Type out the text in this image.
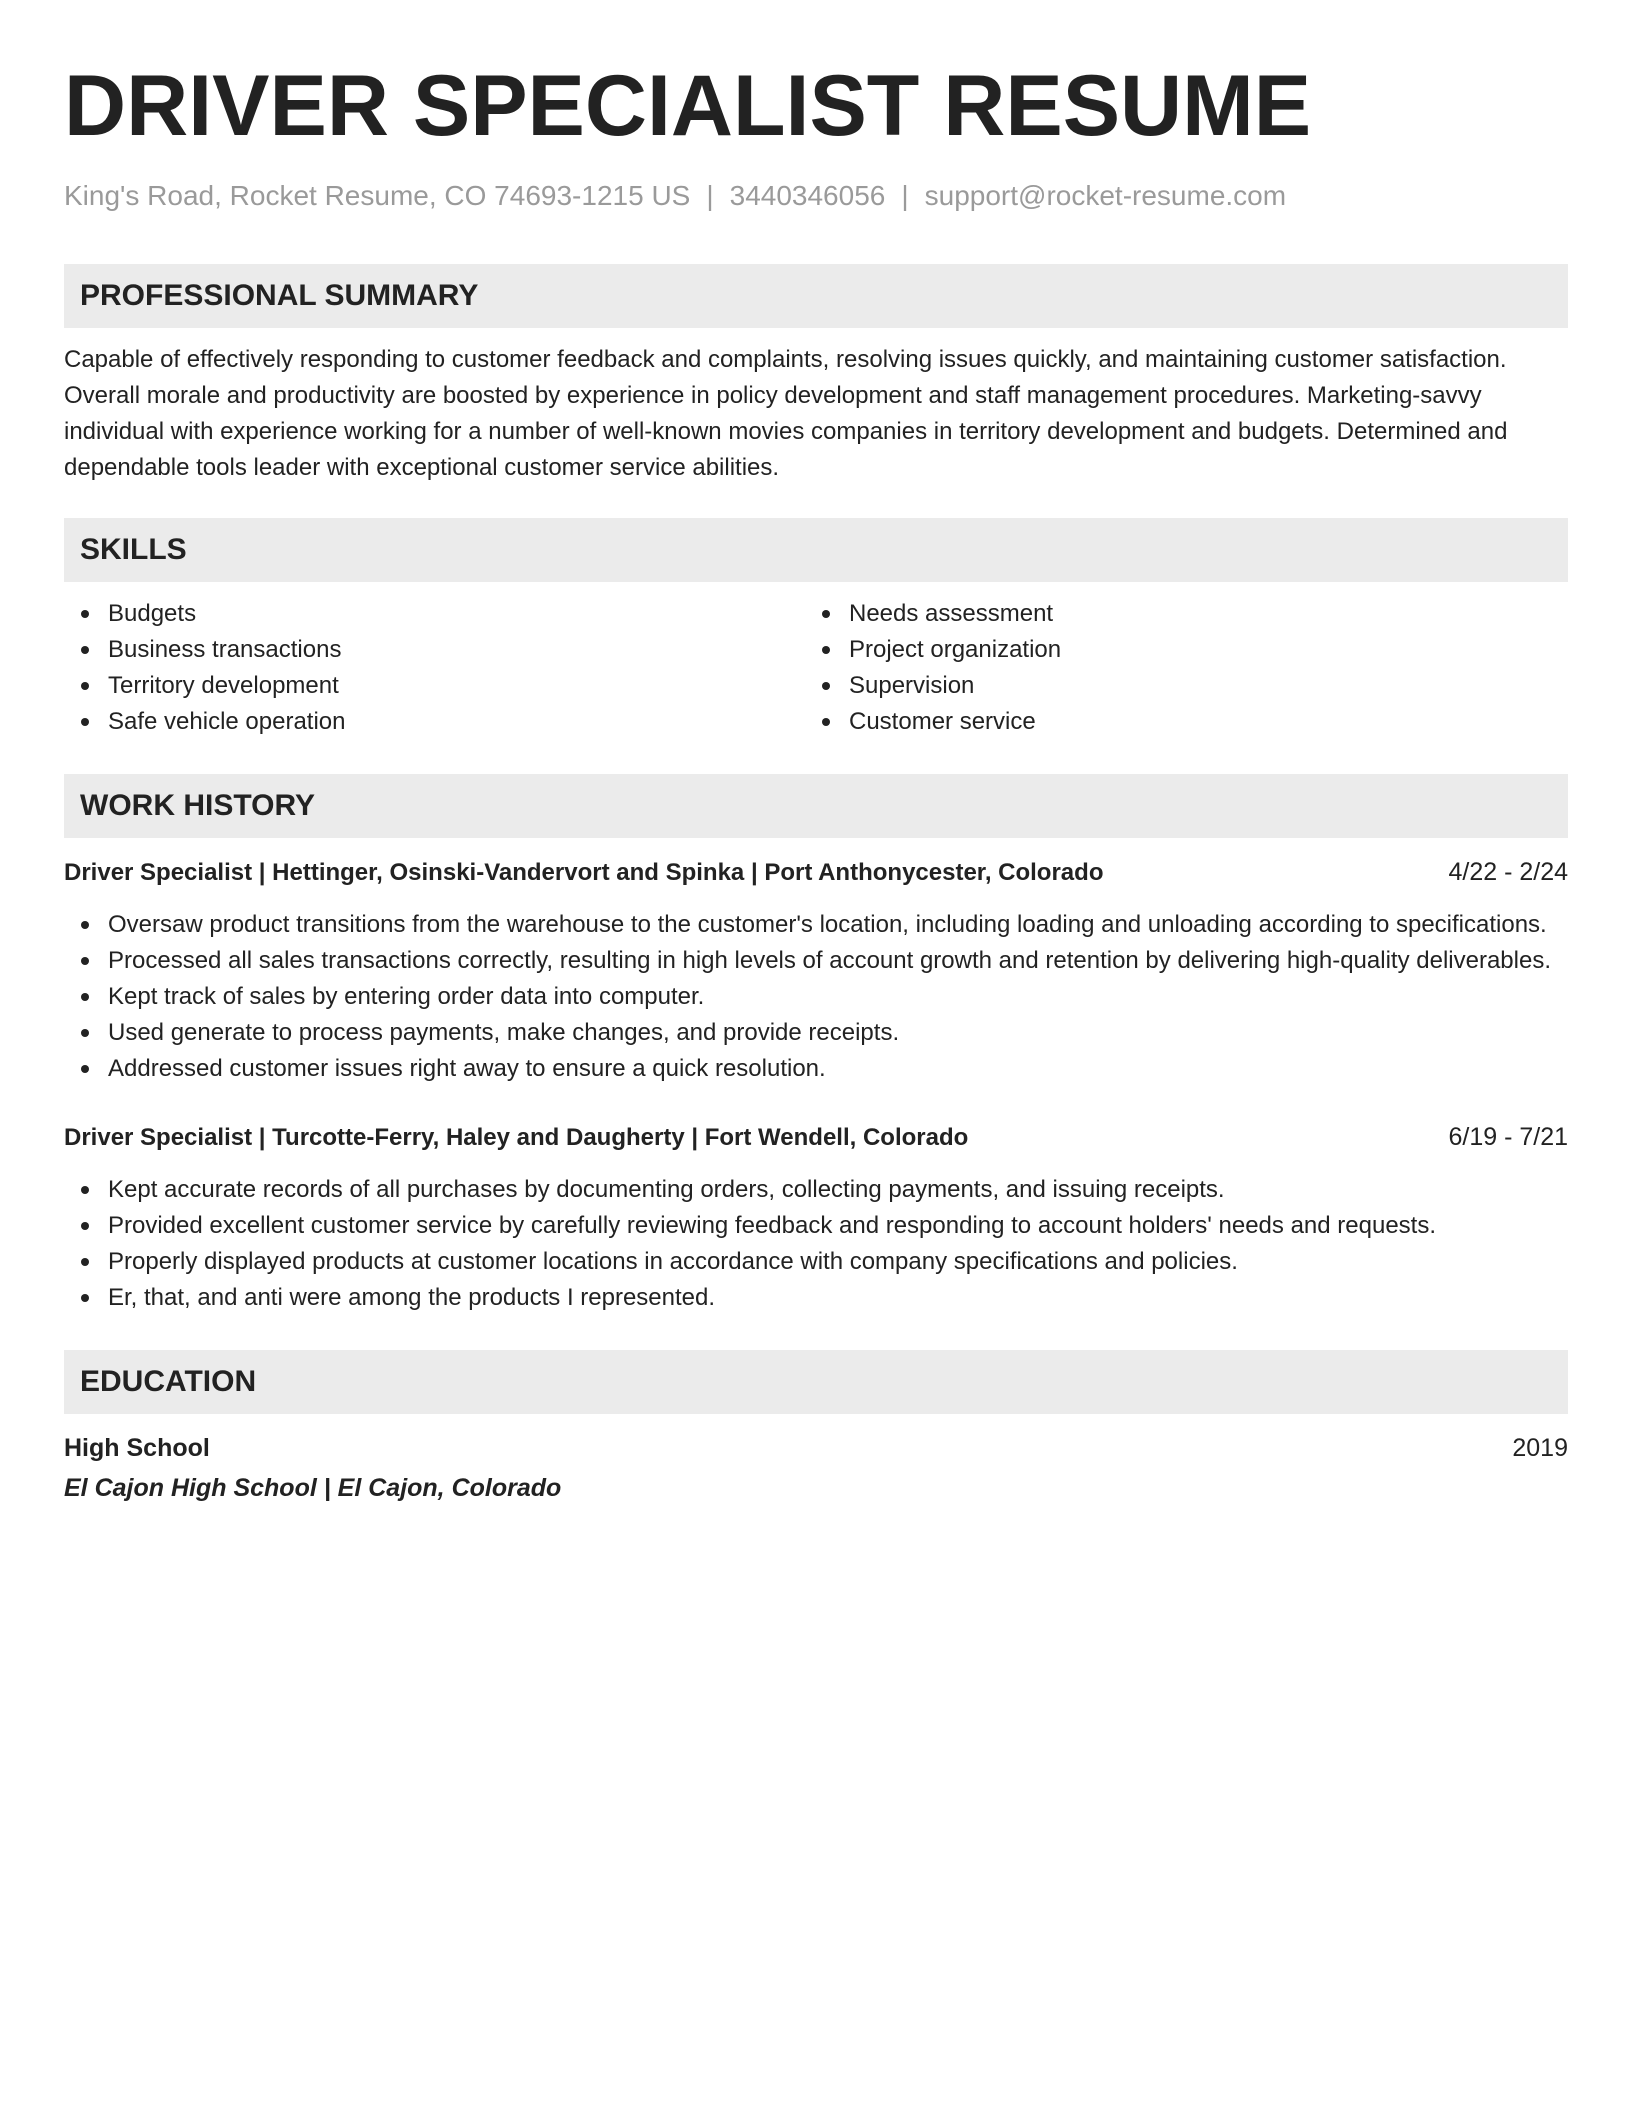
DRIVER SPECIALIST RESUME
King's Road, Rocket Resume, CO 74693-1215 US | 3440346056 | support@rocket-resume.com
PROFESSIONAL SUMMARY
Capable of effectively responding to customer feedback and complaints, resolving issues quickly, and maintaining customer satisfaction. Overall morale and productivity are boosted by experience in policy development and staff management procedures. Marketing-savvy individual with experience working for a number of well-known movies companies in territory development and budgets. Determined and dependable tools leader with exceptional customer service abilities.
SKILLS
Budgets
Business transactions
Territory development
Safe vehicle operation
Needs assessment
Project organization
Supervision
Customer service
WORK HISTORY
Driver Specialist | Hettinger, Osinski-Vandervort and Spinka | Port Anthonycester, Colorado	4/22 - 2/24
Oversaw product transitions from the warehouse to the customer's location, including loading and unloading according to specifications.
Processed all sales transactions correctly, resulting in high levels of account growth and retention by delivering high-quality deliverables.
Kept track of sales by entering order data into computer.
Used generate to process payments, make changes, and provide receipts.
Addressed customer issues right away to ensure a quick resolution.
Driver Specialist | Turcotte-Ferry, Haley and Daugherty | Fort Wendell, Colorado	6/19 - 7/21
Kept accurate records of all purchases by documenting orders, collecting payments, and issuing receipts.
Provided excellent customer service by carefully reviewing feedback and responding to account holders' needs and requests.
Properly displayed products at customer locations in accordance with company specifications and policies.
Er, that, and anti were among the products I represented.
EDUCATION
High School	2019
El Cajon High School | El Cajon, Colorado
